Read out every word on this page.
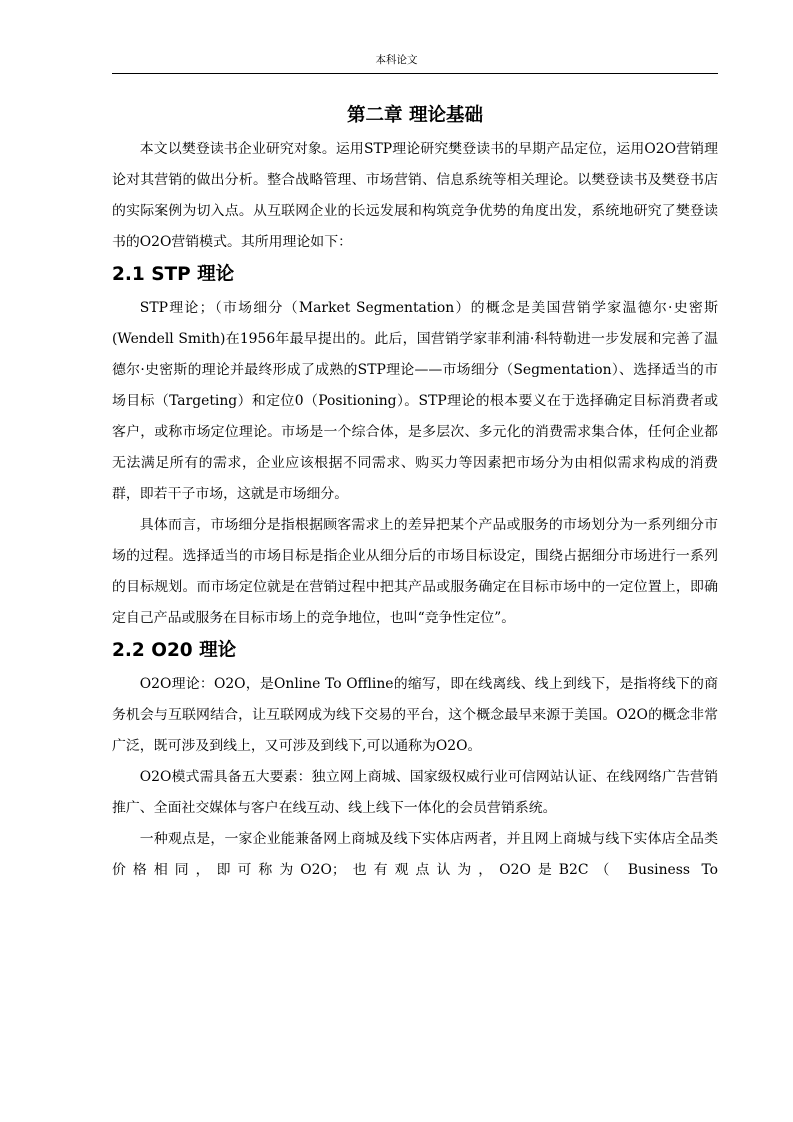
本科论文
第二章 理论基础

本文以樊登读书企业研究对象。运用STP理论研究樊登读书的早期产品定位，运用O2O营销理论对其营销的做出分析。整合战略管理、市场营销、信息系统等相关理论。以樊登读书及樊登书店的实际案例为切入点。从互联网企业的长远发展和构筑竞争优势的角度出发，系统地研究了樊登读书的O2O营销模式。其所用理论如下：

2.1 STP 理论

STP理论；（市场细分（Market Segmentation）的概念是美国营销学家温德尔·史密斯(Wendell Smith)在1956年最早提出的。此后，国营销学家菲利浦·科特勒进一步发展和完善了温德尔·史密斯的理论并最终形成了成熟的STP理论——市场细分（Segmentation）、选择适当的市场目标（Targeting）和定位0（Positioning）。STP理论的根本要义在于选择确定目标消费者或客户，或称市场定位理论。市场是一个综合体，是多层次、多元化的消费需求集合体，任何企业都无法满足所有的需求，企业应该根据不同需求、购买力等因素把市场分为由相似需求构成的消费群，即若干子市场，这就是市场细分。

具体而言，市场细分是指根据顾客需求上的差异把某个产品或服务的市场划分为一系列细分市场的过程。选择适当的市场目标是指企业从细分后的市场目标设定，围绕占据细分市场进行一系列的目标规划。而市场定位就是在营销过程中把其产品或服务确定在目标市场中的一定位置上，即确定自己产品或服务在目标市场上的竞争地位，也叫“竞争性定位”。

2.2 O20 理论

O2O理论：O2O，是Online To Offline的缩写，即在线离线、线上到线下，是指将线下的商务机会与互联网结合，让互联网成为线下交易的平台，这个概念最早来源于美国。O2O的概念非常广泛，既可涉及到线上，又可涉及到线下,可以通称为O2O。

O2O模式需具备五大要素：独立网上商城、国家级权威行业可信网站认证、在线网络广告营销推广、全面社交媒体与客户在线互动、线上线下一体化的会员营销系统。

一种观点是，一家企业能兼备网上商城及线下实体店两者，并且网上商城与线下实体店全品类价格相同，即可称为O2O；也有观点认为，O2O是B2C（ Business To
